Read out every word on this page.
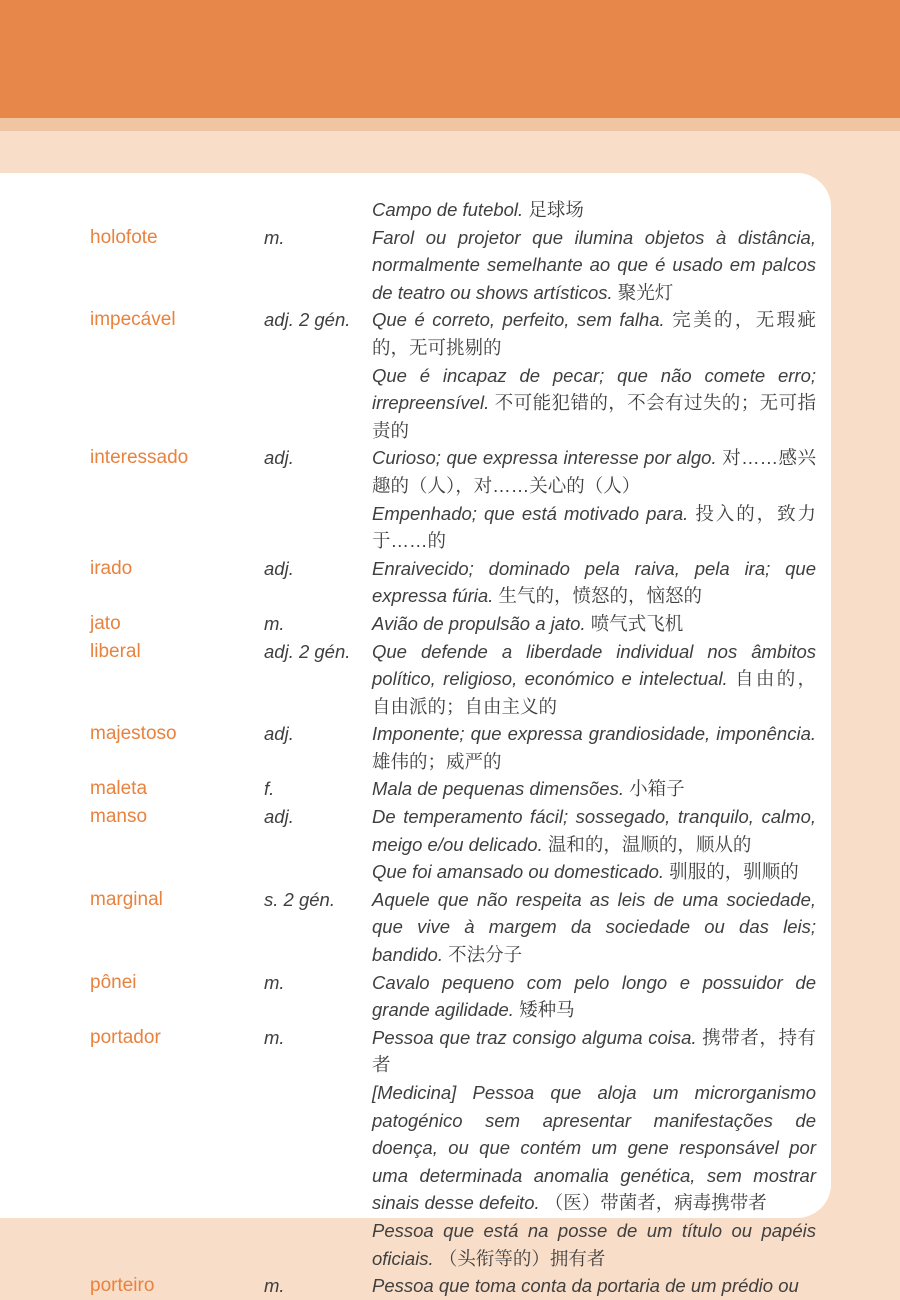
Campo de futebol. 足球场

holofote	m.	Farol ou projetor que ilumina objetos à distância, normalmente semelhante ao que é usado em palcos de teatro ou shows artísticos. 聚光灯

impecável	adj. 2 gén.	Que é correto, perfeito, sem falha. 完美的，无瑕疵的，无可挑剔的

Que é incapaz de pecar; que não comete erro; irrepreensível. 不可能犯错的，不会有过失的；无可指责的

interessado	adj.	Curioso; que expressa interesse por algo. 对……感兴趣的（人），对……关心的（人）

Empenhado; que está motivado para. 投入的，致力于……的

irado	adj.	Enraivecido; dominado pela raiva, pela ira; que expressa fúria. 生气的，愤怒的，恼怒的

jato	m.	Avião de propulsão a jato. 喷气式飞机

liberal	adj. 2 gén.	Que defende a liberdade individual nos âmbitos político, religioso, económico e intelectual. 自由的，自由派的；自由主义的

majestoso	adj.	Imponente; que expressa grandiosidade, imponência. 雄伟的；威严的

maleta	f.	Mala de pequenas dimensões. 小箱子

manso	adj.	De temperamento fácil; sossegado, tranquilo, calmo, meigo e/ou delicado. 温和的，温顺的，顺从的

Que foi amansado ou domesticado. 驯服的，驯顺的

marginal	s. 2 gén.	Aquele que não respeita as leis de uma sociedade, que vive à margem da sociedade ou das leis; bandido. 不法分子

pônei	m.	Cavalo pequeno com pelo longo e possuidor de grande agilidade. 矮种马

portador	m.	Pessoa que traz consigo alguma coisa. 携带者，持有者

[Medicina] Pessoa que aloja um microrganismo patogénico sem apresentar manifestações de doença, ou que contém um gene responsável por uma determinada anomalia genética, sem mostrar sinais desse defeito. （医）带菌者，病毒携带者

Pessoa que está na posse de um título ou papéis oficiais. （头衔等的）拥有者

porteiro	m.	Pessoa que toma conta da portaria de um prédio ou
